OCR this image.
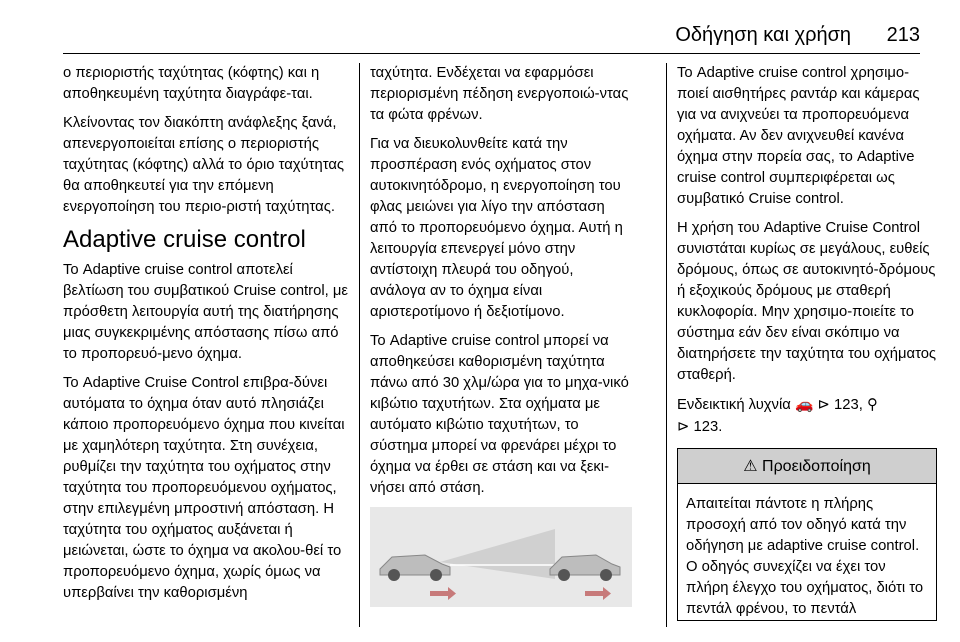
Οδήγηση και χρήση 213

ο περιοριστής ταχύτητας (κόφτης) και η αποθηκευμένη ταχύτητα διαγράφε-ται.

Κλείνοντας τον διακόπτη ανάφλεξης ξανά, απενεργοποιείται επίσης ο περιοριστής ταχύτητας (κόφτης) αλλά το όριο ταχύτητας θα αποθηκευτεί για την επόμενη ενεργοποίηση του περιο-ριστή ταχύτητας.

Adaptive cruise control

Το Adaptive cruise control αποτελεί βελτίωση του συμβατικού Cruise control, με πρόσθετη λειτουργία αυτή της διατήρησης μιας συγκεκριμένης απόστασης πίσω από το προπορευό-μενο όχημα.

Το Adaptive Cruise Control επιβρα-δύνει αυτόματα το όχημα όταν αυτό πλησιάζει κάποιο προπορευόμενο όχημα που κινείται με χαμηλότερη ταχύτητα. Στη συνέχεια, ρυθμίζει την ταχύτητα του οχήματος στην ταχύτητα του προπορευόμενου οχήματος, στην επιλεγμένη μπροστινή απόσταση. Η ταχύτητα του οχήματος αυξάνεται ή μειώνεται, ώστε το όχημα να ακολου-θεί το προπορευόμενο όχημα, χωρίς όμως να υπερβαίνει την καθορισμένη

ταχύτητα. Ενδέχεται να εφαρμόσει περιορισμένη πέδηση ενεργοποιώ-ντας τα φώτα φρένων.

Για να διευκολυνθείτε κατά την προσπέραση ενός οχήματος στον αυτοκινητόδρομο, η ενεργοποίηση του φλας μειώνει για λίγο την απόσταση από το προπορευόμενο όχημα. Αυτή η λειτουργία επενεργεί μόνο στην αντίστοιχη πλευρά του οδηγού, ανάλογα αν το όχημα είναι αριστεροτίμονο ή δεξιοτίμονο.

Το Adaptive cruise control μπορεί να αποθηκεύσει καθορισμένη ταχύτητα πάνω από 30 χλμ/ώρα για το μηχα-νικό κιβώτιο ταχυτήτων. Στα οχήματα με αυτόματο κιβώτιο ταχυτήτων, το σύστημα μπορεί να φρενάρει μέχρι το όχημα να έρθει σε στάση και να ξεκι-νήσει από στάση.

Το Adaptive cruise control χρησιμο-ποιεί αισθητήρες ραντάρ και κάμερας για να ανιχνεύει τα προπορευόμενα οχήματα. Αν δεν ανιχνευθεί κανένα όχημα στην πορεία σας, το Adaptive cruise control συμπεριφέρεται ως συμβατικό Cruise control.

Η χρήση του Adaptive Cruise Control συνιστάται κυρίως σε μεγάλους, ευθείς δρόμους, όπως σε αυτοκινητό-δρόμους ή εξοχικούς δρόμους με σταθερή κυκλοφορία. Μην χρησιμο-ποιείτε το σύστημα εάν δεν είναι σκόπιμο να διατηρήσετε την ταχύτητα του οχήματος σταθερή.

Ενδεικτική λυχνία 🚗 ⊳ 123, ⚲
⊳ 123.

⚠ Προειδοποίηση
Απαιτείται πάντοτε η πλήρης προσοχή από τον οδηγό κατά την οδήγηση με adaptive cruise control. Ο οδηγός συνεχίζει να έχει τον πλήρη έλεγχο του οχήματος, διότι το πεντάλ φρένου, το πεντάλ
